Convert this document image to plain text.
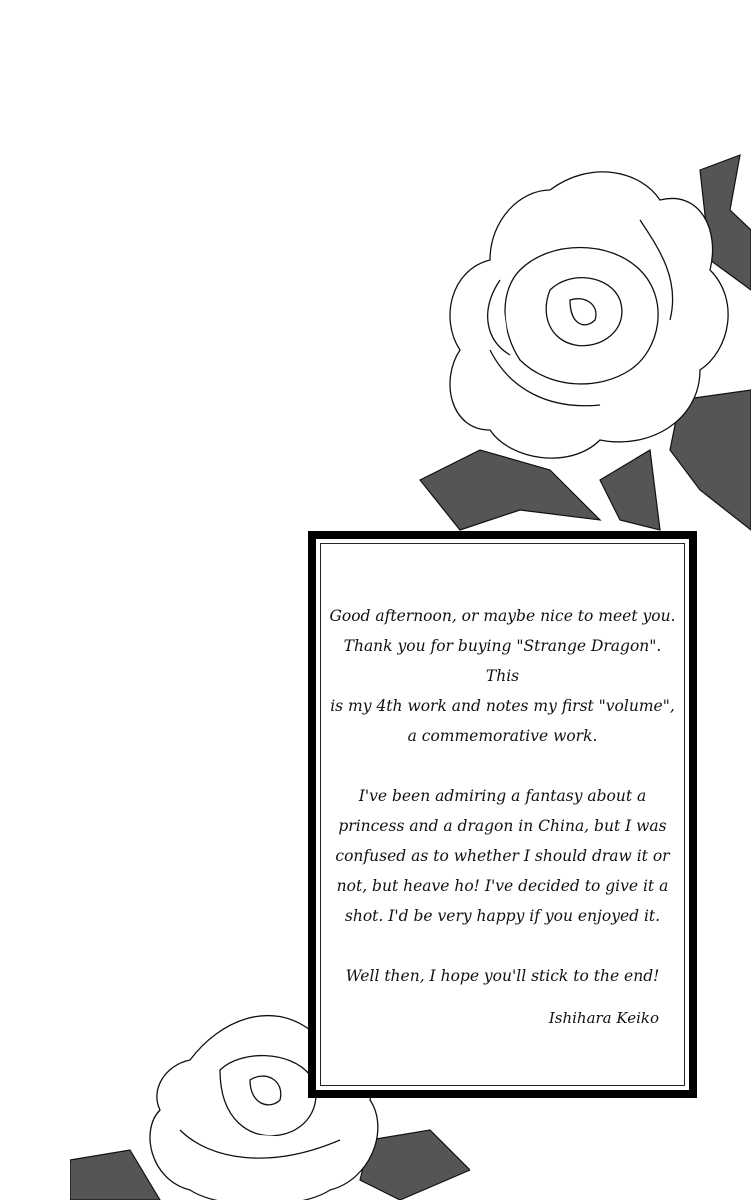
Good afternoon, or maybe nice to meet you.
Thank you for buying "Strange Dragon". This
is my 4th work and notes my first "volume",
a commemorative work.
I've been admiring a fantasy about a
princess and a dragon in China, but I was
confused as to whether I should draw it or
not, but heave ho! I've decided to give it a
shot. I'd be very happy if you enjoyed it.
Well then, I hope you'll stick to the end!
Ishihara Keiko
